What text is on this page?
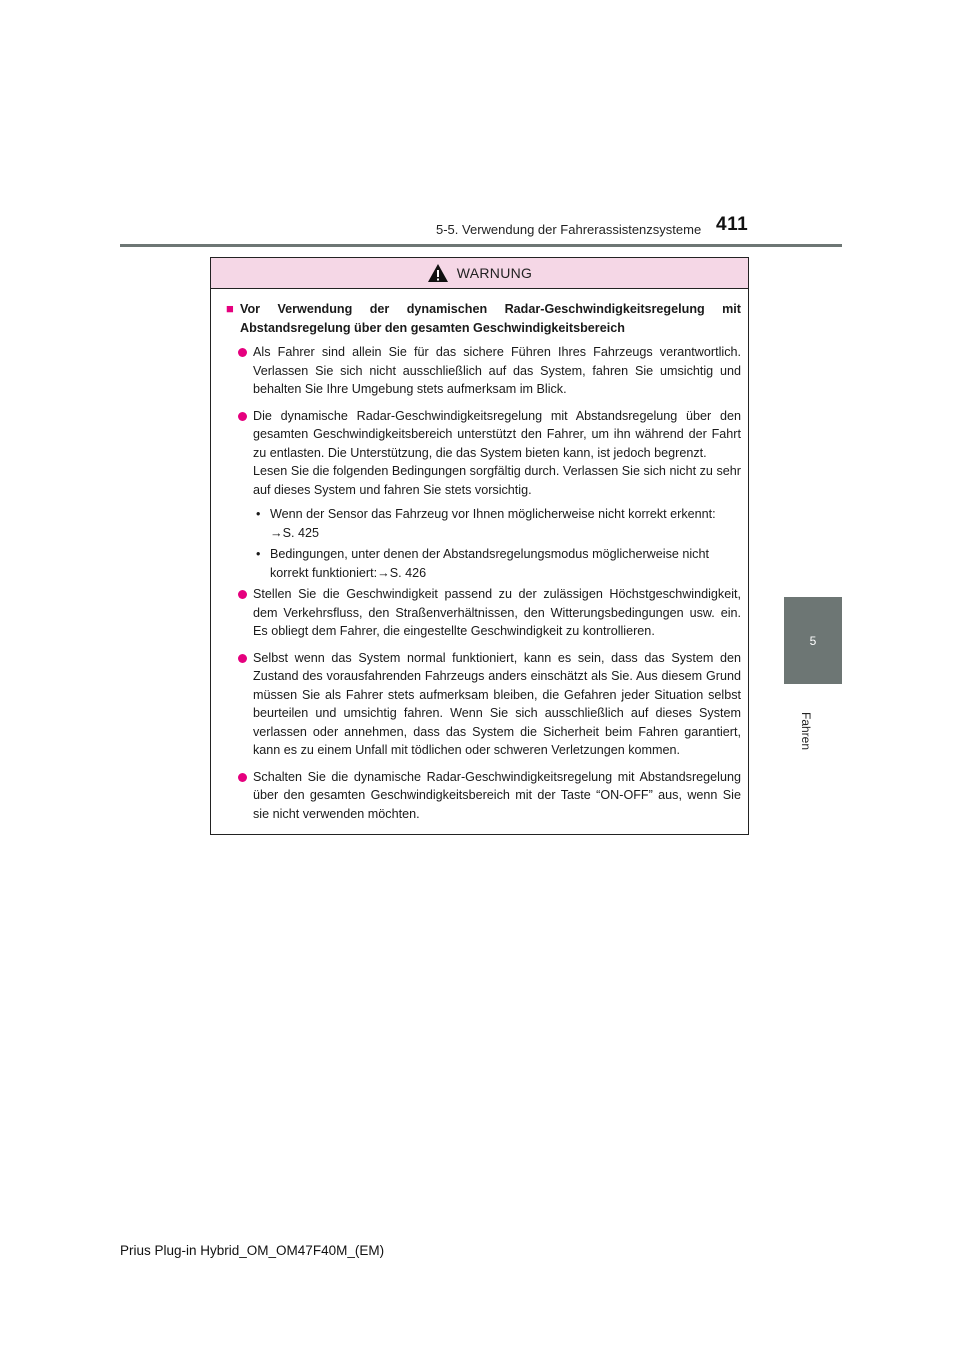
5-5. Verwendung der Fahrerassistenzsysteme 411
5
Fahren
WARNUNG
■ Vor Verwendung der dynamischen Radar-Geschwindigkeitsregelung mit Abstandsregelung über den gesamten Geschwindigkeitsbereich
Als Fahrer sind allein Sie für das sichere Führen Ihres Fahrzeugs verantwortlich. Verlassen Sie sich nicht ausschließlich auf das System, fahren Sie umsichtig und behalten Sie Ihre Umgebung stets aufmerksam im Blick.
Die dynamische Radar-Geschwindigkeitsregelung mit Abstandsregelung über den gesamten Geschwindigkeitsbereich unterstützt den Fahrer, um ihn während der Fahrt zu entlasten. Die Unterstützung, die das System bieten kann, ist jedoch begrenzt.
Lesen Sie die folgenden Bedingungen sorgfältig durch. Verlassen Sie sich nicht zu sehr auf dieses System und fahren Sie stets vorsichtig.
• Wenn der Sensor das Fahrzeug vor Ihnen möglicherweise nicht korrekt erkennt:
→S. 425
• Bedingungen, unter denen der Abstandsregelungsmodus möglicherweise nicht korrekt funktioniert:→S. 426
Stellen Sie die Geschwindigkeit passend zu der zulässigen Höchstgeschwindigkeit, dem Verkehrsfluss, den Straßenverhältnissen, den Witterungsbedingungen usw. ein. Es obliegt dem Fahrer, die eingestellte Geschwindigkeit zu kontrollieren.
Selbst wenn das System normal funktioniert, kann es sein, dass das System den Zustand des vorausfahrenden Fahrzeugs anders einschätzt als Sie. Aus diesem Grund müssen Sie als Fahrer stets aufmerksam bleiben, die Gefahren jeder Situation selbst beurteilen und umsichtig fahren. Wenn Sie sich ausschließlich auf dieses System verlassen oder annehmen, dass das System die Sicherheit beim Fahren garantiert, kann es zu einem Unfall mit tödlichen oder schweren Verletzungen kommen.
Schalten Sie die dynamische Radar-Geschwindigkeitsregelung mit Abstandsregelung über den gesamten Geschwindigkeitsbereich mit der Taste “ON-OFF” aus, wenn Sie sie nicht verwenden möchten.
Prius Plug-in Hybrid_OM_OM47F40M_(EM)
